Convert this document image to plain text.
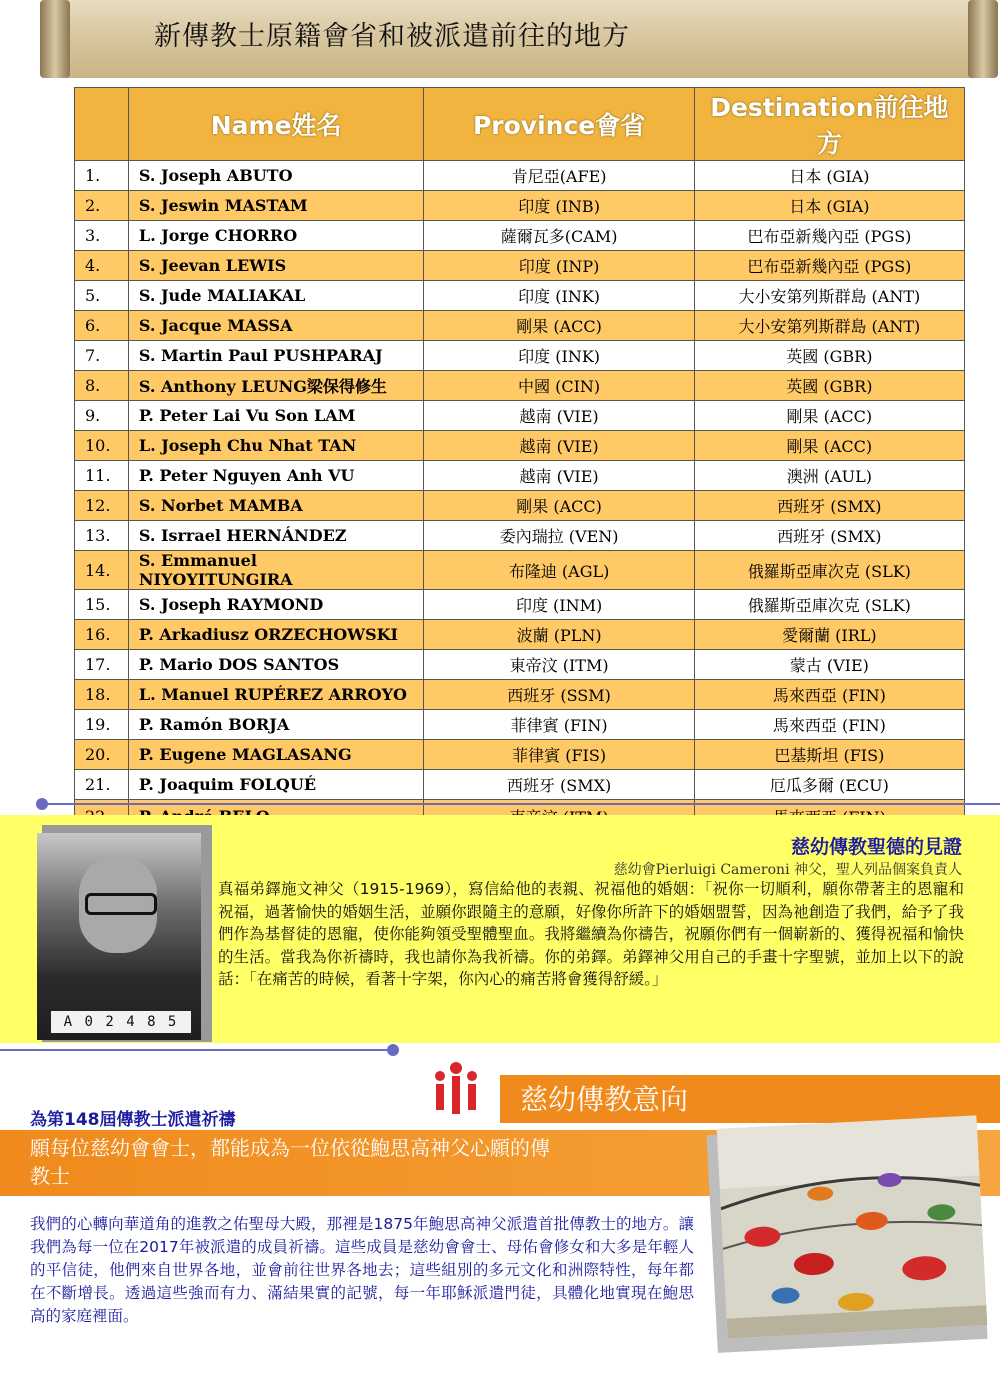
新傳教士原籍會省和被派遣前往的地方
	Name姓名	Province會省	Destination前往地方
1.	S. Joseph ABUTO	肯尼亞(AFE)	日本 (GIA)
2.	S. Jeswin MASTAM	印度 (INB)	日本 (GIA)
3.	L. Jorge CHORRO	薩爾瓦多(CAM)	巴布亞新幾內亞 (PGS)
4.	S. Jeevan LEWIS	印度 (INP)	巴布亞新幾內亞 (PGS)
5.	S. Jude MALIAKAL	印度 (INK)	大小安第列斯群島 (ANT)
6.	S. Jacque MASSA	剛果 (ACC)	大小安第列斯群島 (ANT)
7.	S. Martin Paul PUSHPARAJ	印度 (INK)	英國 (GBR)
8.	S. Anthony LEUNG梁保得修生	中國 (CIN)	英國 (GBR)
9.	P. Peter Lai Vu Son LAM	越南 (VIE)	剛果 (ACC)
10.	L. Joseph Chu Nhat TAN	越南 (VIE)	剛果 (ACC)
11.	P. Peter Nguyen Anh VU	越南 (VIE)	澳洲 (AUL)
12.	S. Norbet MAMBA	剛果 (ACC)	西班牙 (SMX)
13.	S. Isrrael HERNÁNDEZ	委內瑞拉 (VEN)	西班牙 (SMX)
14.	S. Emmanuel NIYOYITUNGIRA	布隆迪 (AGL)	俄羅斯亞庫次克 (SLK)
15.	S. Joseph RAYMOND	印度 (INM)	俄羅斯亞庫次克 (SLK)
16.	P. Arkadiusz ORZECHOWSKI	波蘭 (PLN)	愛爾蘭 (IRL)
17.	P. Mario DOS SANTOS	東帝汶 (ITM)	蒙古 (VIE)
18.	L. Manuel RUPÉREZ ARROYO	西班牙 (SSM)	馬來西亞 (FIN)
19.	P. Ramón BORJA	菲律賓 (FIN)	馬來西亞 (FIN)
20.	P. Eugene MAGLASANG	菲律賓 (FIS)	巴基斯坦 (FIS)
21.	P. Joaquim FOLQUÉ	西班牙 (SMX)	厄瓜多爾 (ECU)

A 0 2 4 8 5
慈幼傳教聖德的見證
慈幼會Pierluigi Cameroni 神父，聖人列品個案負責人
真福弟鐸施文神父（1915-1969），寫信給他的表親、祝福他的婚姻：「祝你一切順利，願你帶著主的恩寵和祝福，過著愉快的婚姻生活，並願你跟隨主的意願，好像你所許下的婚姻盟誓，因為祂創造了我們，給予了我們作為基督徒的恩寵，使你能夠領受聖體聖血。我將繼續為你禱告，祝願你們有一個嶄新的、獲得祝福和愉快的生活。當我為你祈禱時，我也請你為我祈禱。你的弟鐸。弟鐸神父用自己的手畫十字聖號，並加上以下的說話：「在痛苦的時候，看著十字架，你內心的痛苦將會獲得舒緩。」
慈幼傳教意向
為第148屆傳教士派遣祈禱
願每位慈幼會會士，都能成為一位依從鮑思高神父心願的傳教士
我們的心轉向華道角的進教之佑聖母大殿，那裡是1875年鮑思高神父派遣首批傳教士的地方。讓我們為每一位在2017年被派遣的成員祈禱。這些成員是慈幼會會士、母佑會修女和大多是年輕人的平信徒，他們來自世界各地，並會前往世界各地去；這些組別的多元文化和洲際特性，每年都在不斷增長。透過這些強而有力、滿結果實的記號，每一年耶穌派遣門徒，具體化地實現在鮑思高的家庭裡面。
